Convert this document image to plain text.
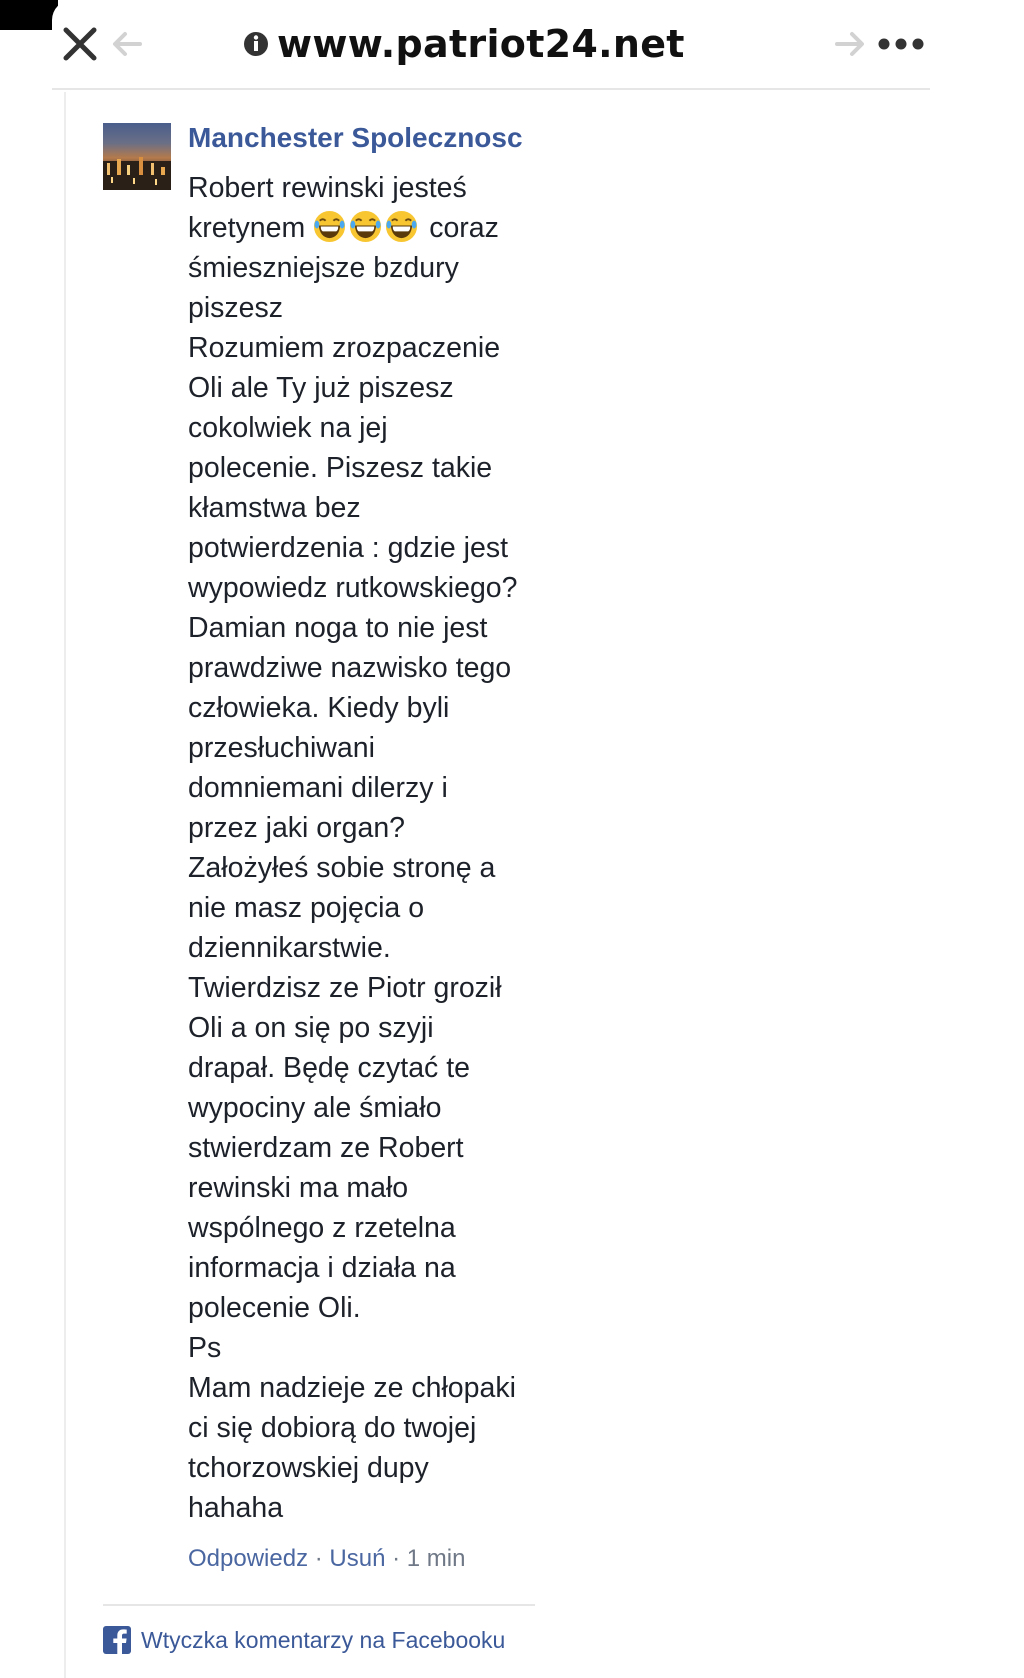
www.patriot24.net
Manchester Spolecznosc
Robert rewinski jesteś
kretynem	coraz
śmieszniejsze bzdury
piszesz
Rozumiem zrozpaczenie
Oli ale Ty już piszesz
cokolwiek na jej
polecenie. Piszesz takie
kłamstwa bez
potwierdzenia : gdzie jest
wypowiedz rutkowskiego?
Damian noga to nie jest
prawdziwe nazwisko tego
człowieka. Kiedy byli
przesłuchiwani
domniemani dilerzy i
przez jaki organ?
Założyłeś sobie stronę a
nie masz pojęcia o
dziennikarstwie.
Twierdzisz ze Piotr groził
Oli a on się po szyji
drapał. Będę czytać te
wypociny ale śmiało
stwierdzam ze Robert
rewinski ma mało
wspólnego z rzetelna
informacja i działa na
polecenie Oli.
Ps
Mam nadzieje ze chłopaki
ci się dobiorą do twojej
tchorzowskiej dupy
hahaha
Odpowiedz · Usuń · 1 min
Wtyczka komentarzy na Facebooku
